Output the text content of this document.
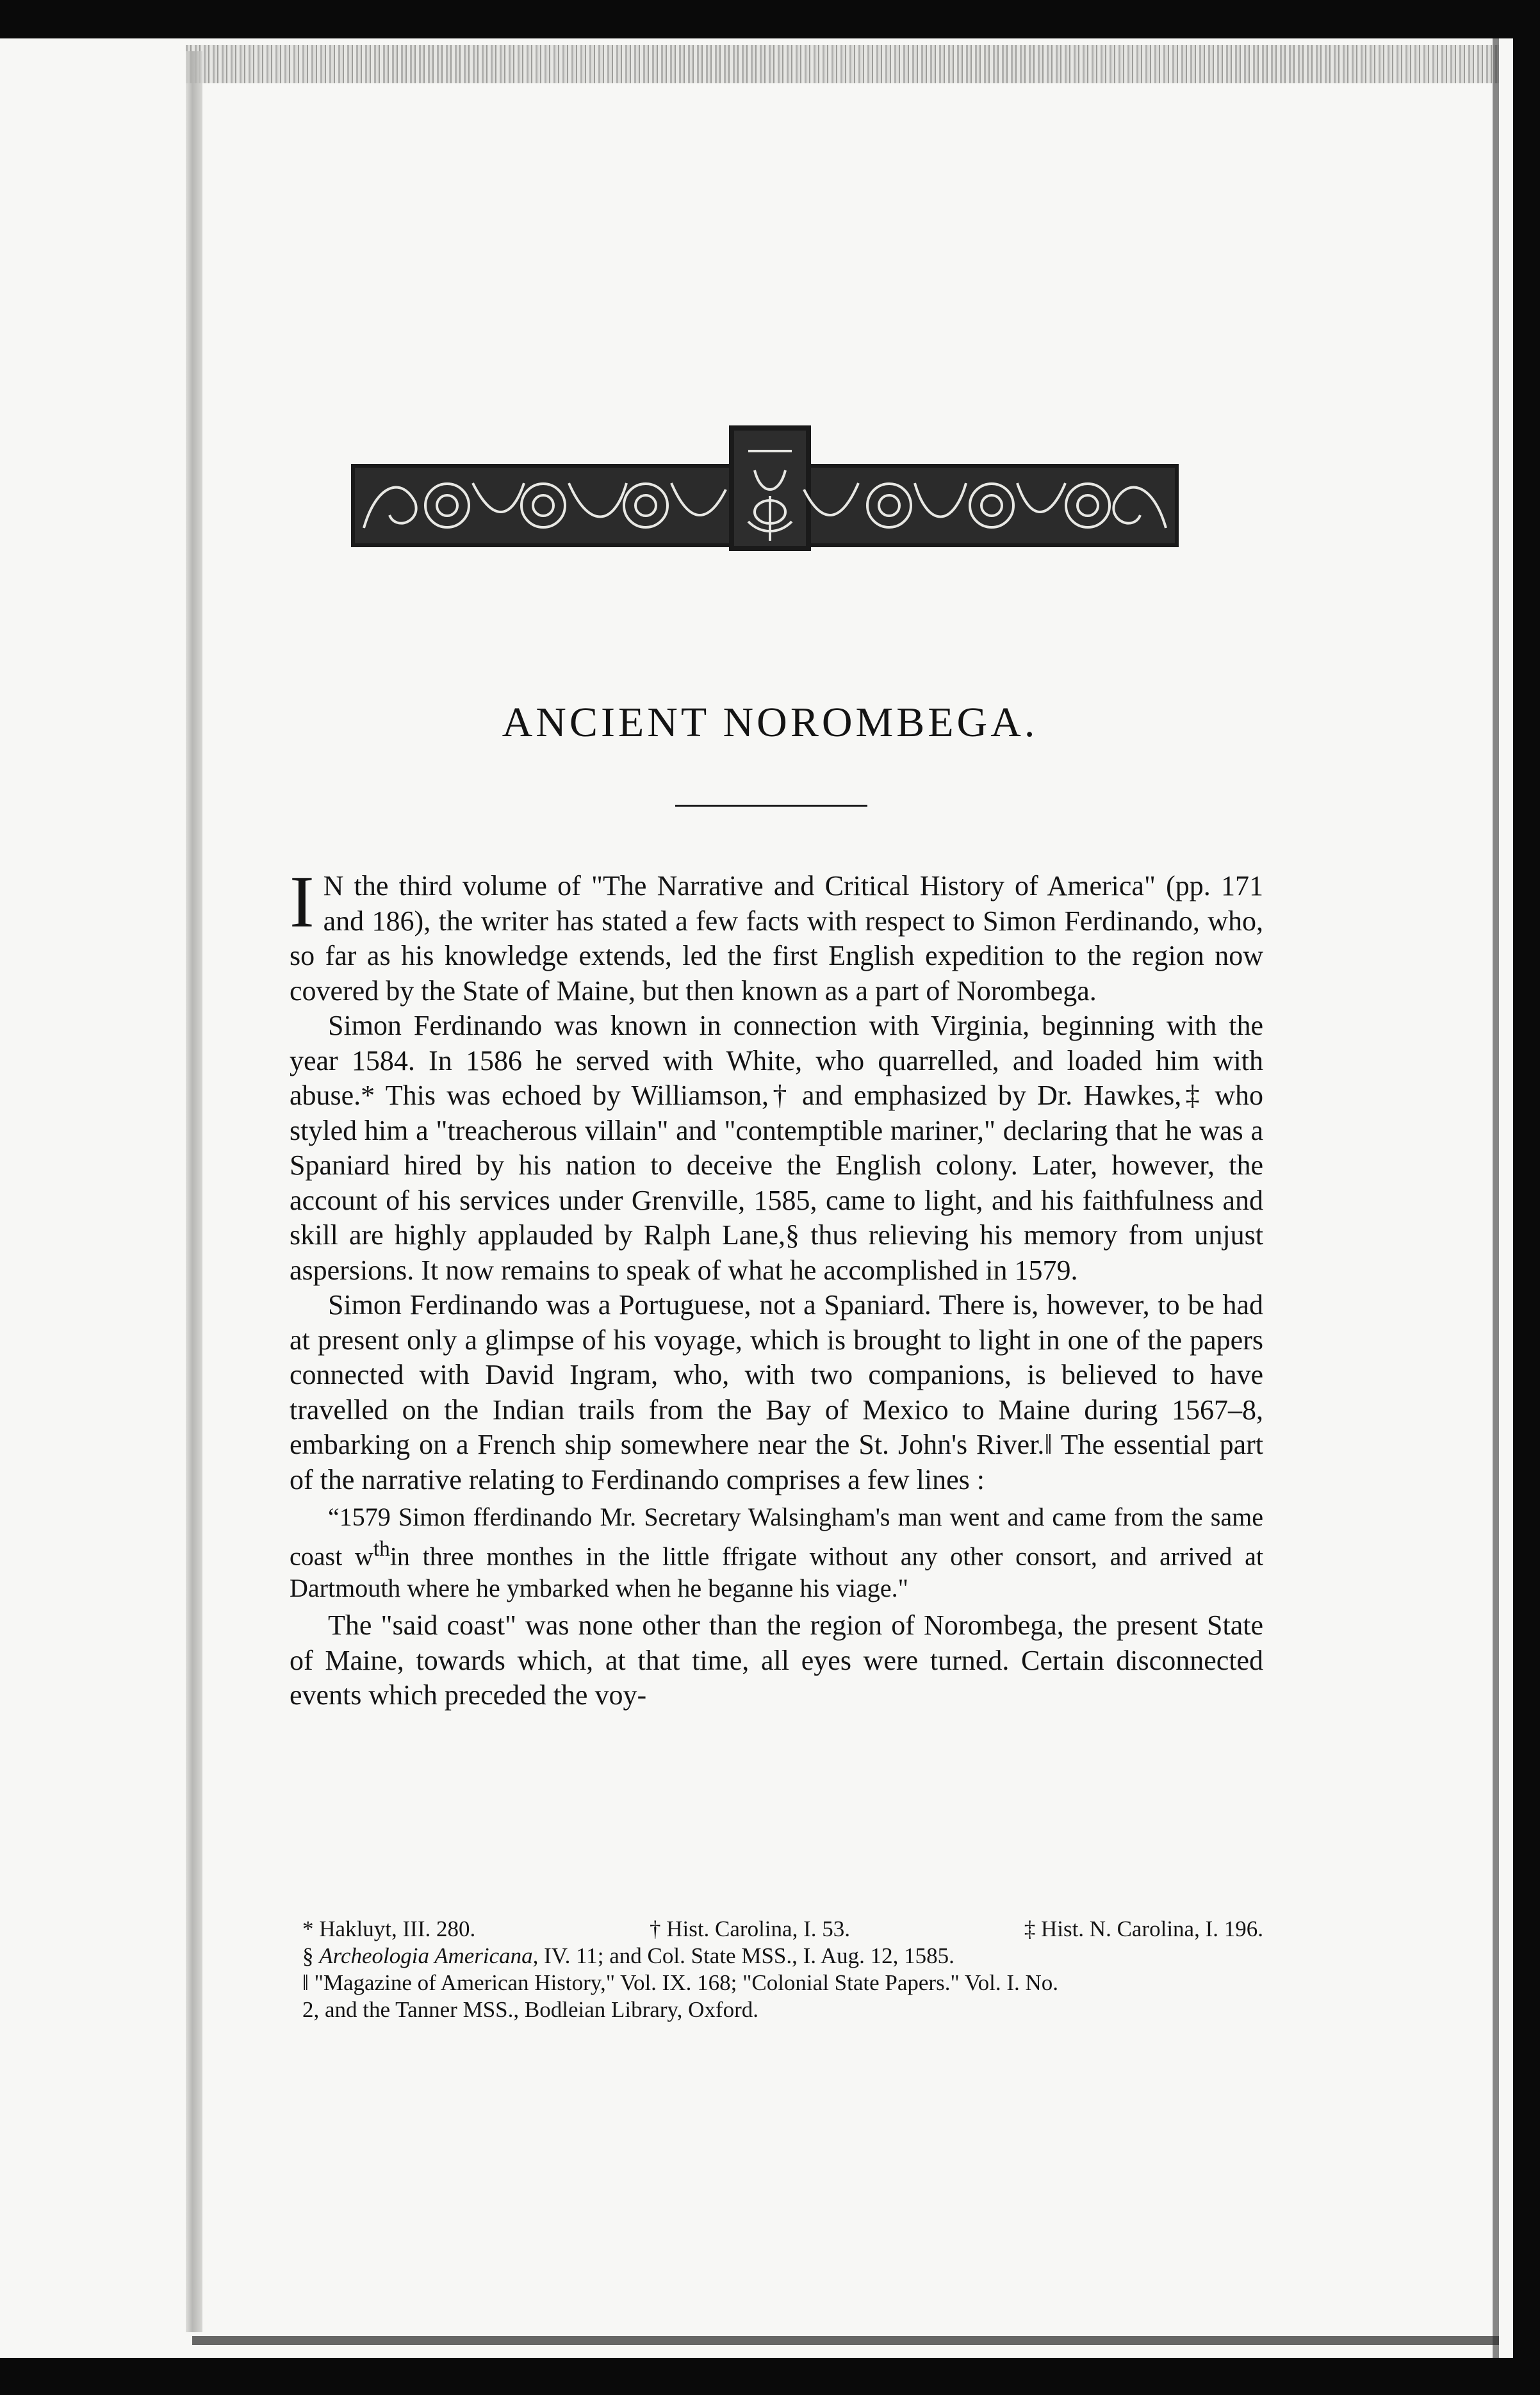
ANCIENT NOROMBEGA.

I N the third volume of "The Narrative and Critical History of America" (pp. 171 and 186), the writer has stated a few facts with respect to Simon Ferdinando, who, so far as his knowledge extends, led the first English expedition to the region now covered by the State of Maine, but then known as a part of Norombega.

Simon Ferdinando was known in connection with Virginia, beginning with the year 1584. In 1586 he served with White, who quarrelled, and loaded him with abuse.* This was echoed by Williamson,† and emphasized by Dr. Hawkes,‡ who styled him a "treacherous villain" and "contemptible mariner," declaring that he was a Spaniard hired by his nation to deceive the English colony. Later, however, the account of his services under Grenville, 1585, came to light, and his faithfulness and skill are highly applauded by Ralph Lane,§ thus relieving his memory from unjust aspersions. It now remains to speak of what he accomplished in 1579.

Simon Ferdinando was a Portuguese, not a Spaniard. There is, however, to be had at present only a glimpse of his voyage, which is brought to light in one of the papers connected with David Ingram, who, with two companions, is believed to have travelled on the Indian trails from the Bay of Mexico to Maine during 1567–8, embarking on a French ship somewhere near the St. John's River.‖ The essential part of the narrative relating to Ferdinando comprises a few lines :

“1579 Simon fferdinando Mr. Secretary Walsingham's man went and came from the same coast $w^{th}in$ three monthes in the little ffrigate without any other consort, and arrived at Dartmouth where he ymbarked when he beganne his viage."

The "said coast" was none other than the region of Norombega, the present State of Maine, towards which, at that time, all eyes were turned. Certain disconnected events which preceded the voy-

* Hakluyt, III. 280.	† Hist. Carolina, I. 53.	‡ Hist. N. Carolina, I. 196.
§ Archeologia Americana, IV. 11; and Col. State MSS., I. Aug. 12, 1585.
‖ "Magazine of American History," Vol. IX. 168; "Colonial State Papers." Vol. I. No.
2, and the Tanner MSS., Bodleian Library, Oxford.
